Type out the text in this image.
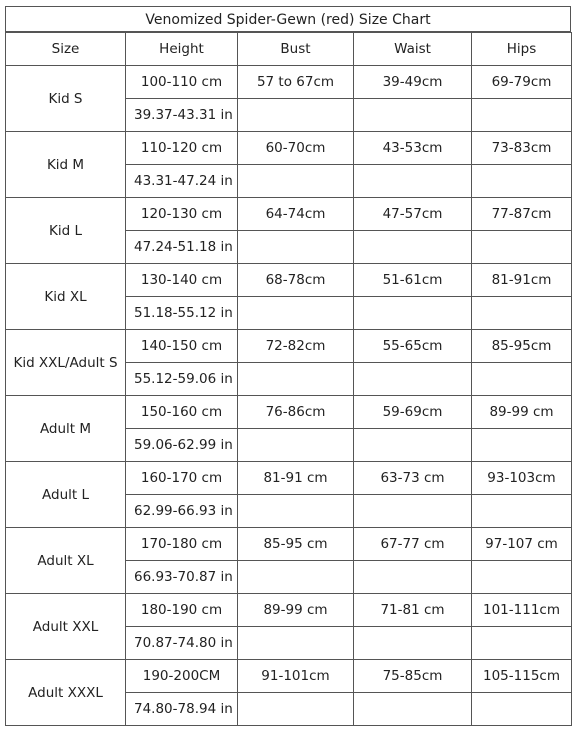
Venomized Spider-Gewn (red) Size Chart
Size	Height	Bust	Waist	Hips
Kid S	100-110 cm	57 to 67cm	39-49cm	69-79cm
	39.37-43.31 in			
Kid M	110-120 cm	60-70cm	43-53cm	73-83cm
	43.31-47.24 in			
Kid L	120-130 cm	64-74cm	47-57cm	77-87cm
	47.24-51.18 in			
Kid XL	130-140 cm	68-78cm	51-61cm	81-91cm
	51.18-55.12 in			
Kid XXL/Adult S	140-150 cm	72-82cm	55-65cm	85-95cm
	55.12-59.06 in			
Adult M	150-160 cm	76-86cm	59-69cm	89-99 cm
	59.06-62.99 in			
Adult L	160-170 cm	81-91 cm	63-73 cm	93-103cm
	62.99-66.93 in			
Adult XL	170-180 cm	85-95 cm	67-77 cm	97-107 cm
	66.93-70.87 in			
Adult XXL	180-190 cm	89-99 cm	71-81 cm	101-111cm
	70.87-74.80 in			
Adult XXXL	190-200CM	91-101cm	75-85cm	105-115cm
	74.80-78.94 in			
